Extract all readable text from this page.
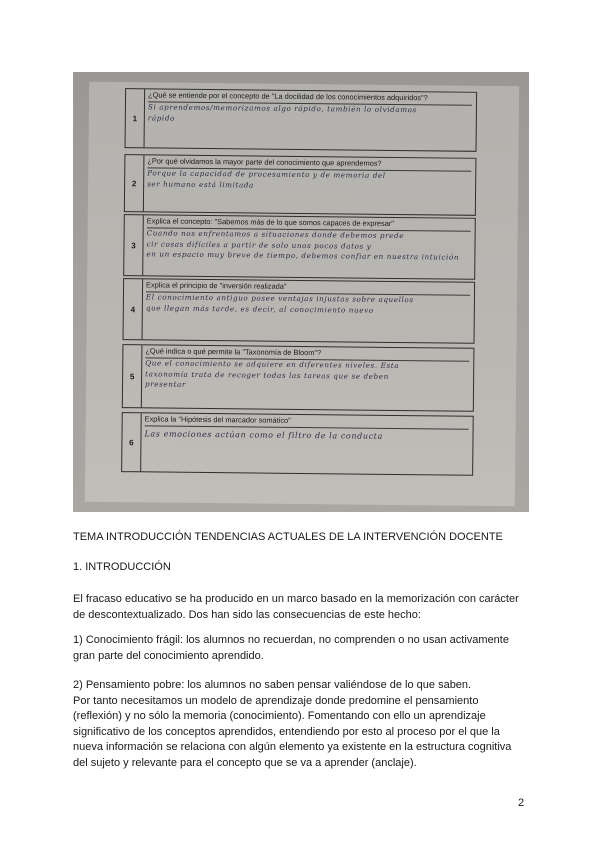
1
¿Qué se entiende por el concepto de "La docilidad de los conocimientos adquiridos"?
Si aprendemos/memorizamos algo rápido, también lo olvidamos
rápido
2
¿Por qué olvidamos la mayor parte del conocimiento que aprendemos?
Porque la capacidad de procesamiento y de memoria del
ser humano está limitada
3
Explica el concepto: "Sabemos más de lo que somos capaces de expresar"
Cuando nos enfrentamos a situaciones donde debemos prede
cir cosas difíciles a partir de solo unos pocos datos y
en un espacio muy breve de tiempo, debemos confiar en nuestra intuición
4
Explica el principio de "inversión realizada"
El conocimiento antiguo posee ventajas injustas sobre aquellos
que llegan más tarde, es decir, al conocimiento nuevo
5
¿Qué indica o qué permite la "Taxonomía de Bloom"?
Que el conocimiento se adquiere en diferentes niveles. Esta
taxonomía trata de recoger todas las tareas que se deben
presentar
6
Explica la "Hipótesis del marcador somático"
Las emociones actúan como el filtro de la conducta
TEMA INTRODUCCIÓN TENDENCIAS ACTUALES DE LA INTERVENCIÓN DOCENTE
1. INTRODUCCIÓN

El fracaso educativo se ha producido en un marco basado en la memorización con carácter

de descontextualizado. Dos han sido las consecuencias de este hecho:

1) Conocimiento frágil: los alumnos no recuerdan, no comprenden o no usan activamente

gran parte del conocimiento aprendido.

2) Pensamiento pobre: los alumnos no saben pensar valiéndose de lo que saben.

Por tanto necesitamos un modelo de aprendizaje donde predomine el pensamiento

(reflexión) y no sólo la memoria (conocimiento). Fomentando con ello un aprendizaje

significativo de los conceptos aprendidos, entendiendo por esto al proceso por el que la

nueva información se relaciona con algún elemento ya existente en la estructura cognitiva

del sujeto y relevante para el concepto que se va a aprender (anclaje).

2
